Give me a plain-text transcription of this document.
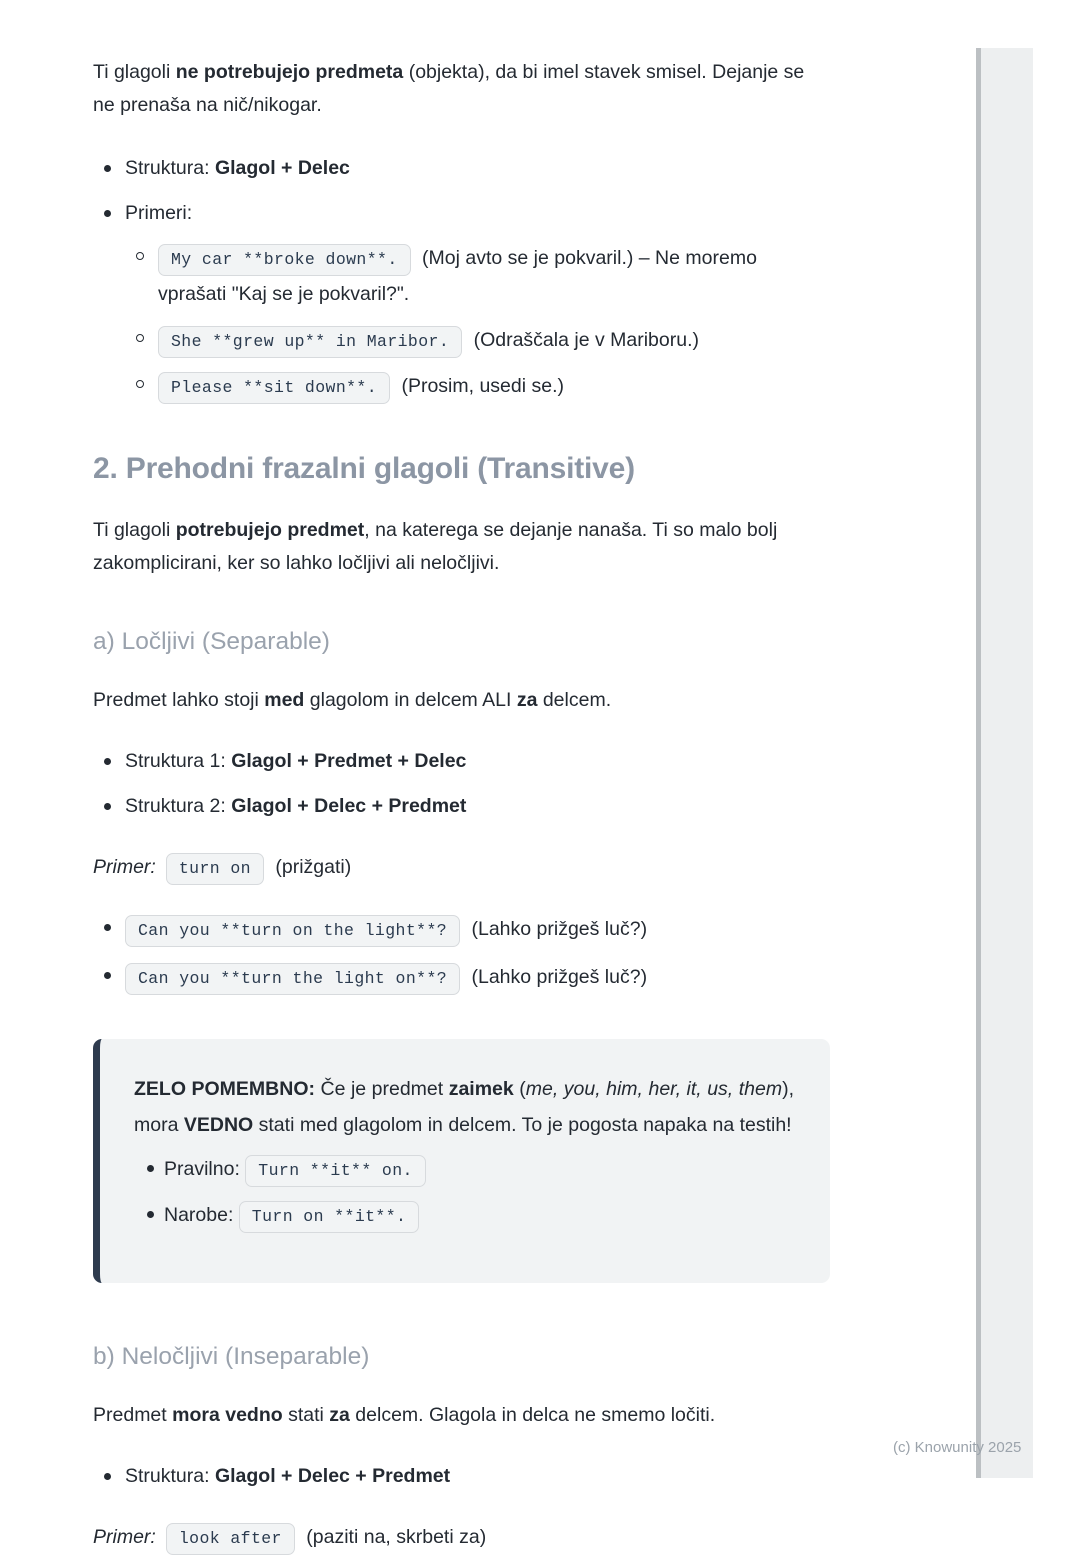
(c) Knowunity 2025

Ti glagoli ne potrebujejo predmeta (objekta), da bi imel stavek smisel. Dejanje se ne prenaša na nič/nikogar.

Struktura: Glagol + Delec
Primeri:
My car **broke down**. (Moj avto se je pokvaril.) – Ne moremo vprašati "Kaj se je pokvaril?".
She **grew up** in Maribor. (Odraščala je v Mariboru.)
Please **sit down**. (Prosim, usedi se.)
2. Prehodni frazalni glagoli (Transitive)

Ti glagoli potrebujejo predmet, na katerega se dejanje nanaša. Ti so malo bolj zakomplicirani, ker so lahko ločljivi ali neločljivi.

a) Ločljivi (Separable)

Predmet lahko stoji med glagolom in delcem ALI za delcem.

Struktura 1: Glagol + Predmet + Delec
Struktura 2: Glagol + Delec + Predmet
Primer: turn on (prižgati)
Can you **turn on the light**? (Lahko prižgeš luč?)
Can you **turn the light on**? (Lahko prižgeš luč?)

ZELO POMEMBNO: Če je predmet zaimek (me, you, him, her, it, us, them), mora VEDNO stati med glagolom in delcem. To je pogosta napaka na testih!

Pravilno: Turn **it** on.
Narobe: Turn on **it**.
b) Neločljivi (Inseparable)

Predmet mora vedno stati za delcem. Glagola in delca ne smemo ločiti.

Struktura: Glagol + Delec + Predmet
Primer: look after (paziti na, skrbeti za)
